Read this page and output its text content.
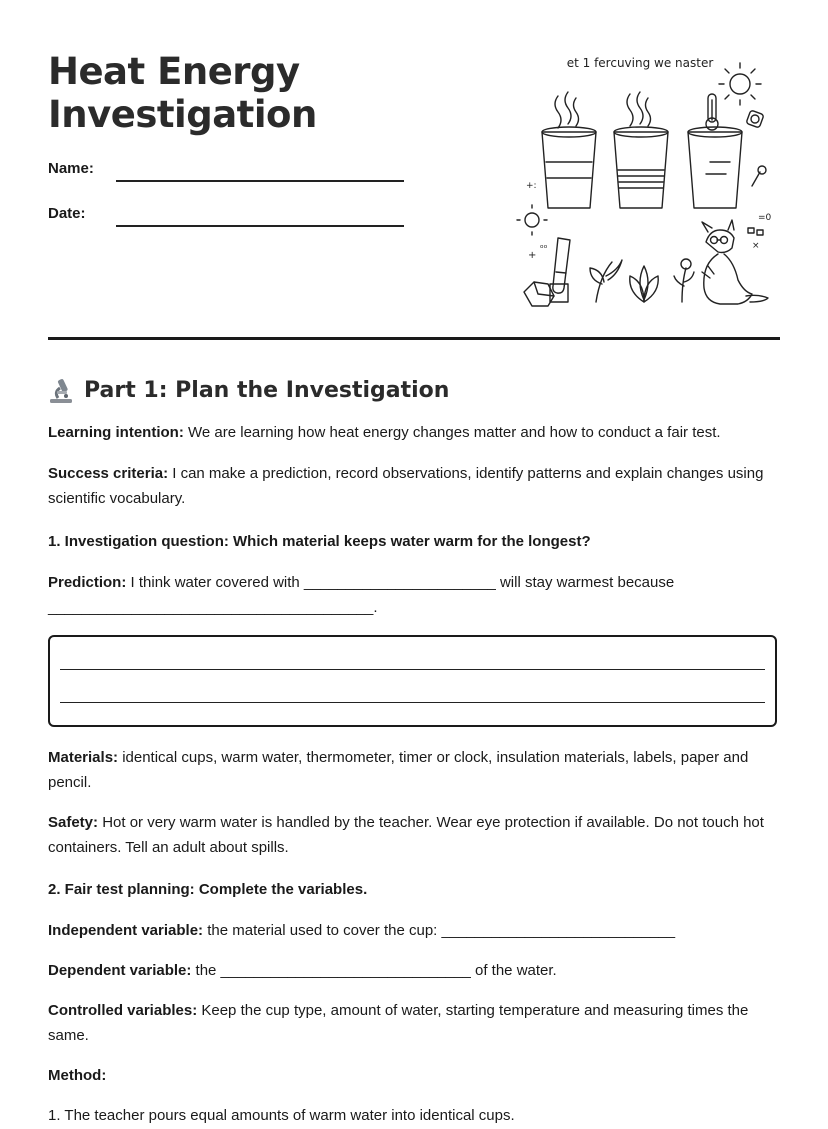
Heat Energy
Investigation
Name:
Date:
et 1 fercuving we naster
+:
=0
×
ₒₒ
+
Part 1: Plan the Investigation
Learning intention: We are learning how heat energy changes matter and how to conduct a fair test.
Success criteria: I can make a prediction, record observations, identify patterns and explain changes using scientific vocabulary.
1. Investigation question: Which material keeps water warm for the longest?
Prediction: I think water covered with _______________________ will stay warmest because _______________________________________.
Materials: identical cups, warm water, thermometer, timer or clock, insulation materials, labels, paper and pencil.
Safety: Hot or very warm water is handled by the teacher. Wear eye protection if available. Do not touch hot containers. Tell an adult about spills.
2. Fair test planning: Complete the variables.
Independent variable: the material used to cover the cup: ____________________________
Dependent variable: the ______________________________ of the water.
Controlled variables: Keep the cup type, amount of water, starting temperature and measuring times the same.
Method:
1. The teacher pours equal amounts of warm water into identical cups.
